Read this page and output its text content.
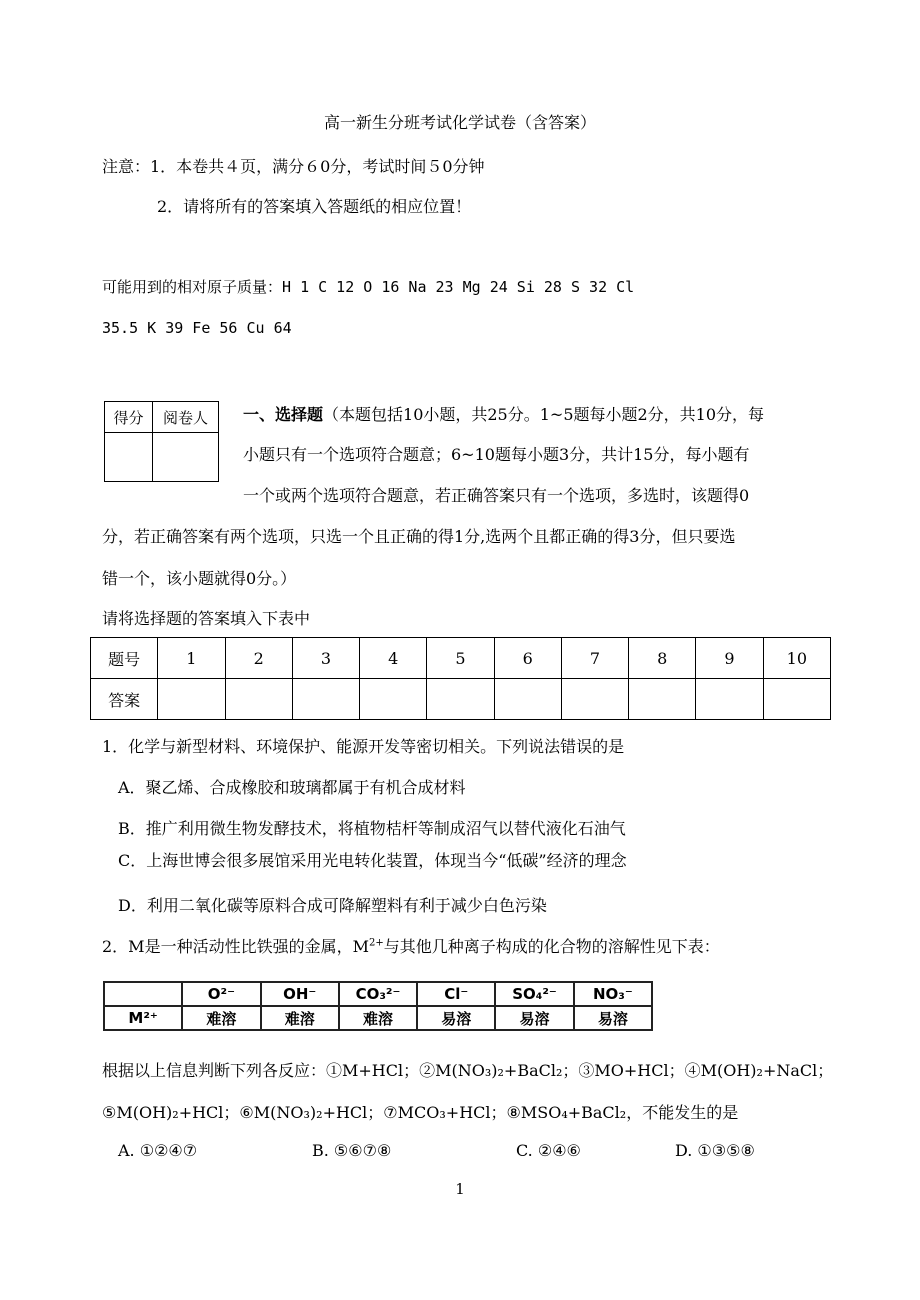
高一新生分班考试化学试卷（含答案）
注意：1．本卷共４页，满分６0分，考试时间５0分钟
2．请将所有的答案填入答题纸的相应位置！
可能用到的相对原子质量：H 1 C 12 O 16 Na 23 Mg 24 Si 28 S 32 Cl
35.5 K 39 Fe 56 Cu 64
得分	阅卷人
	一、选择题（本题包括10小题，共25分。1~5题每小题2分，共10分，每
小题只有一个选项符合题意；6~10题每小题3分，共计15分，每小题有
一个或两个选项符合题意，若正确答案只有一个选项，多选时，该题得0
分，若正确答案有两个选项，只选一个且正确的得1分,选两个且都正确的得3分，但只要选
错一个，该小题就得0分。）
请将选择题的答案填入下表中
题号	1	2	3	4	5	6	7	8	9	10
答案										
1．化学与新型材料、环境保护、能源开发等密切相关。下列说法错误的是
A．聚乙烯、合成橡胶和玻璃都属于有机合成材料
B．推广利用微生物发酵技术，将植物桔杆等制成沼气以替代液化石油气
C．上海世博会很多展馆采用光电转化装置，体现当今“低碳”经济的理念
D．利用二氧化碳等原料合成可降解塑料有利于减少白色污染
2．M是一种活动性比铁强的金属，$M^{2+}$与其他几种离子构成的化合物的溶解性见下表：
	O²⁻	OH⁻	CO₃²⁻	Cl⁻	SO₄²⁻	NO₃⁻
M²⁺	难溶	难溶	难溶	易溶	易溶	易溶
根据以上信息判断下列各反应：①M+HCl；②M(NO₃)₂+BaCl₂；③MO+HCl；④M(OH)₂+NaCl；
⑤M(OH)₂+HCl；⑥M(NO₃)₂+HCl；⑦MCO₃+HCl；⑧MSO₄+BaCl₂，不能发生的是
A. ①②④⑦	B. ⑤⑥⑦⑧	C. ②④⑥	D. ①③⑤⑧
1
